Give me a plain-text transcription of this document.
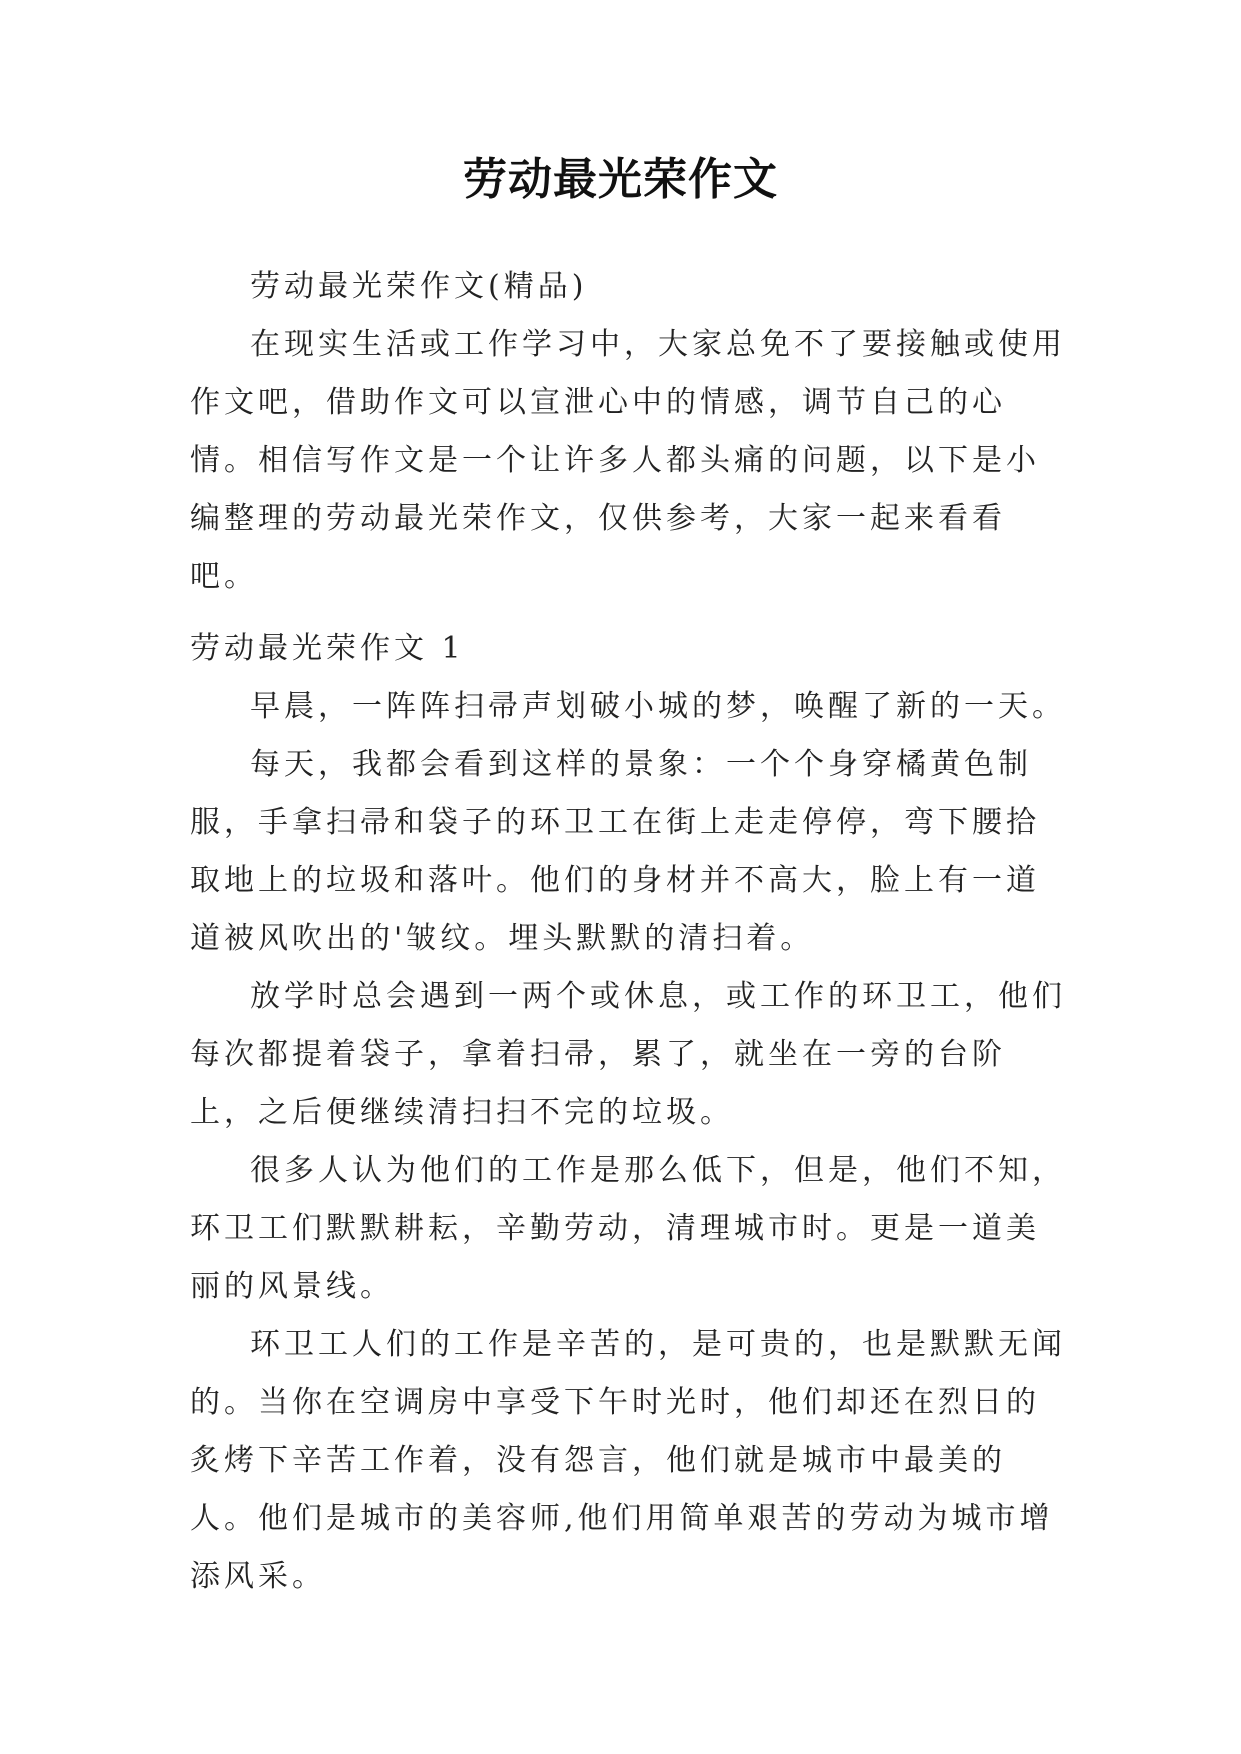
劳动最光荣作文

劳动最光荣作文(精品)

在现实生活或工作学习中，大家总免不了要接触或使用作文吧，借助作文可以宣泄心中的情感，调节自己的心情。相信写作文是一个让许多人都头痛的问题，以下是小编整理的劳动最光荣作文，仅供参考，大家一起来看看吧。

劳动最光荣作文 1

早晨，一阵阵扫帚声划破小城的梦，唤醒了新的一天。

每天，我都会看到这样的景象：一个个身穿橘黄色制服，手拿扫帚和袋子的环卫工在街上走走停停，弯下腰拾取地上的垃圾和落叶。他们的身材并不高大，脸上有一道道被风吹出的'皱纹。埋头默默的清扫着。

放学时总会遇到一两个或休息，或工作的环卫工，他们每次都提着袋子，拿着扫帚，累了，就坐在一旁的台阶上，之后便继续清扫扫不完的垃圾。

很多人认为他们的工作是那么低下，但是，他们不知，环卫工们默默耕耘，辛勤劳动，清理城市时。更是一道美丽的风景线。

环卫工人们的工作是辛苦的，是可贵的，也是默默无闻的。当你在空调房中享受下午时光时，他们却还在烈日的炙烤下辛苦工作着，没有怨言，他们就是城市中最美的人。他们是城市的美容师,他们用简单艰苦的劳动为城市增添风采。
